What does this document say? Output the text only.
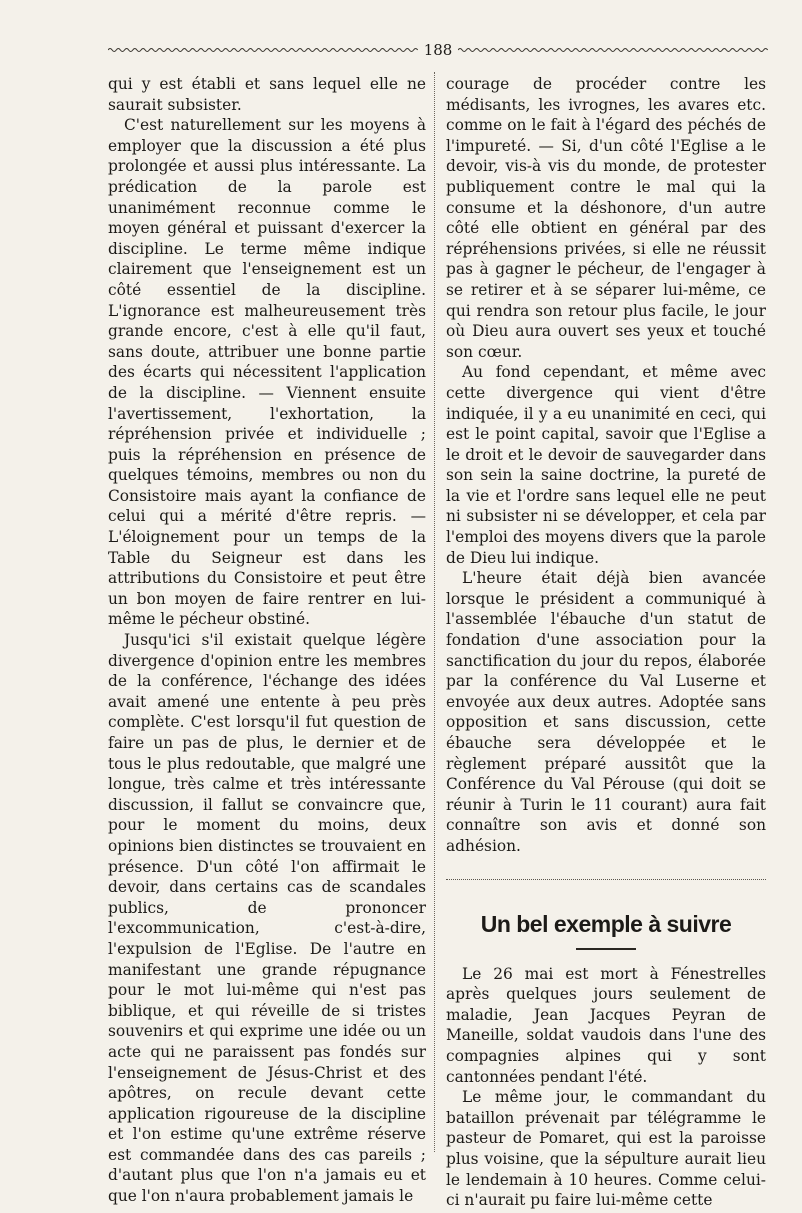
188

qui y est établi et sans lequel elle ne saurait subsister.

C'est naturellement sur les moyens à employer que la discussion a été plus prolongée et aussi plus intéressante. La prédication de la parole est unanimément reconnue comme le moyen général et puissant d'exercer la discipline. Le terme même indique clairement que l'enseignement est un côté essentiel de la discipline. L'ignorance est malheureusement très grande encore, c'est à elle qu'il faut, sans doute, attribuer une bonne partie des écarts qui nécessitent l'application de la discipline. — Viennent ensuite l'avertissement, l'exhortation, la répréhension privée et individuelle ; puis la répréhension en présence de quelques témoins, membres ou non du Consistoire mais ayant la confiance de celui qui a mérité d'être repris. — L'éloignement pour un temps de la Table du Seigneur est dans les attributions du Consistoire et peut être un bon moyen de faire rentrer en lui-même le pécheur obstiné.

Jusqu'ici s'il existait quelque légère divergence d'opinion entre les membres de la conférence, l'échange des idées avait amené une entente à peu près complète. C'est lorsqu'il fut question de faire un pas de plus, le dernier et de tous le plus redoutable, que malgré une longue, très calme et très intéressante discussion, il fallut se convaincre que, pour le moment du moins, deux opinions bien distinctes se trouvaient en présence. D'un côté l'on affirmait le devoir, dans certains cas de scandales publics, de prononcer l'excommunication, c'est-à-dire, l'expulsion de l'Eglise. De l'autre en manifestant une grande répugnance pour le mot lui-même qui n'est pas biblique, et qui réveille de si tristes souvenirs et qui exprime une idée ou un acte qui ne paraissent pas fondés sur l'enseignement de Jésus-Christ et des apôtres, on recule devant cette application rigoureuse de la discipline et l'on estime qu'une extrême réserve est commandée dans des cas pareils ; d'autant plus que l'on n'a jamais eu et que l'on n'aura probablement jamais le

courage de procéder contre les médisants, les ivrognes, les avares etc. comme on le fait à l'égard des péchés de l'impureté. — Si, d'un côté l'Eglise a le devoir, vis-à vis du monde, de protester publiquement contre le mal qui la consume et la déshonore, d'un autre côté elle obtient en général par des répréhensions privées, si elle ne réussit pas à gagner le pécheur, de l'engager à se retirer et à se séparer lui-même, ce qui rendra son retour plus facile, le jour où Dieu aura ouvert ses yeux et touché son cœur.

Au fond cependant, et même avec cette divergence qui vient d'être indiquée, il y a eu unanimité en ceci, qui est le point capital, savoir que l'Eglise a le droit et le devoir de sauvegarder dans son sein la saine doctrine, la pureté de la vie et l'ordre sans lequel elle ne peut ni subsister ni se développer, et cela par l'emploi des moyens divers que la parole de Dieu lui indique.

L'heure était déjà bien avancée lorsque le président a communiqué à l'assemblée l'ébauche d'un statut de fondation d'une association pour la sanctification du jour du repos, élaborée par la conférence du Val Luserne et envoyée aux deux autres. Adoptée sans opposition et sans discussion, cette ébauche sera développée et le règlement préparé aussitôt que la Conférence du Val Pérouse (qui doit se réunir à Turin le 11 courant) aura fait connaître son avis et donné son adhésion.

Un bel exemple à suivre

Le 26 mai est mort à Fénestrelles après quelques jours seulement de maladie, Jean Jacques Peyran de Maneille, soldat vaudois dans l'une des compagnies alpines qui y sont cantonnées pendant l'été.

Le même jour, le commandant du bataillon prévenait par télégramme le pasteur de Pomaret, qui est la paroisse plus voisine, que la sépulture aurait lieu le lendemain à 10 heures. Comme celui-ci n'aurait pu faire lui-même cette
